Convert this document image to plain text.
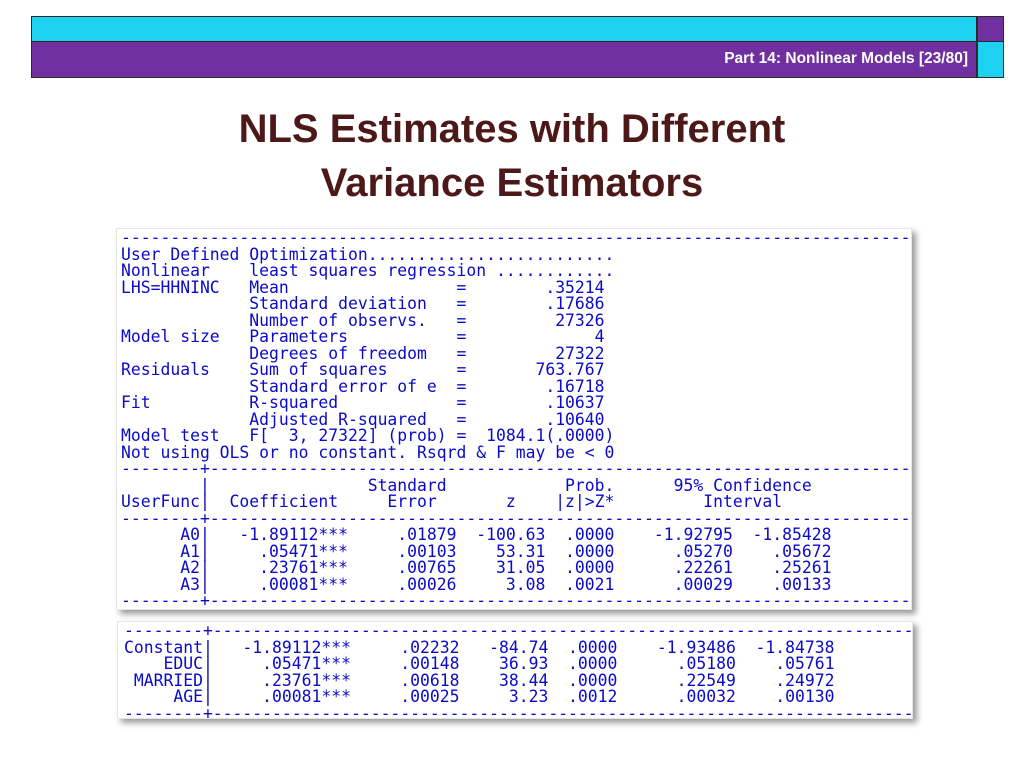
Part 14: Nonlinear Models [23/80]
NLS Estimates with Different
Variance Estimators
--------------------------------------------------------------------------------
User Defined Optimization.........................
Nonlinear    least squares regression ............
LHS=HHNINC   Mean                 =        .35214
Standard deviation   =        .17686
Number of observs.   =         27326
Model size   Parameters           =             4
Degrees of freedom   =         27322
Residuals    Sum of squares       =       763.767
Standard error of e  =        .16718
Fit          R-squared            =        .10637
Adjusted R-squared   =        .10640
Model test   F[  3, 27322] (prob) =  1084.1(.0000)
Not using OLS or no constant. Rsqrd & F may be < 0
--------+-----------------------------------------------------------------------
|                Standard            Prob.      95% Confidence
UserFunc|  Coefficient     Error       z    |z|>Z*         Interval
--------+-----------------------------------------------------------------------
A0|   -1.89112***     .01879  -100.63  .0000    -1.92795  -1.85428
A1|     .05471***     .00103    53.31  .0000      .05270    .05672
A2|     .23761***     .00765    31.05  .0000      .22261    .25261
A3|     .00081***     .00026     3.08  .0021      .00029    .00133
--------+-----------------------------------------------------------------------
--------+-----------------------------------------------------------------------
Constant|   -1.89112***     .02232   -84.74  .0000    -1.93486  -1.84738
EDUC|     .05471***     .00148    36.93  .0000      .05180    .05761
MARRIED|     .23761***     .00618    38.44  .0000      .22549    .24972
AGE|     .00081***     .00025     3.23  .0012      .00032    .00130
--------+-----------------------------------------------------------------------
